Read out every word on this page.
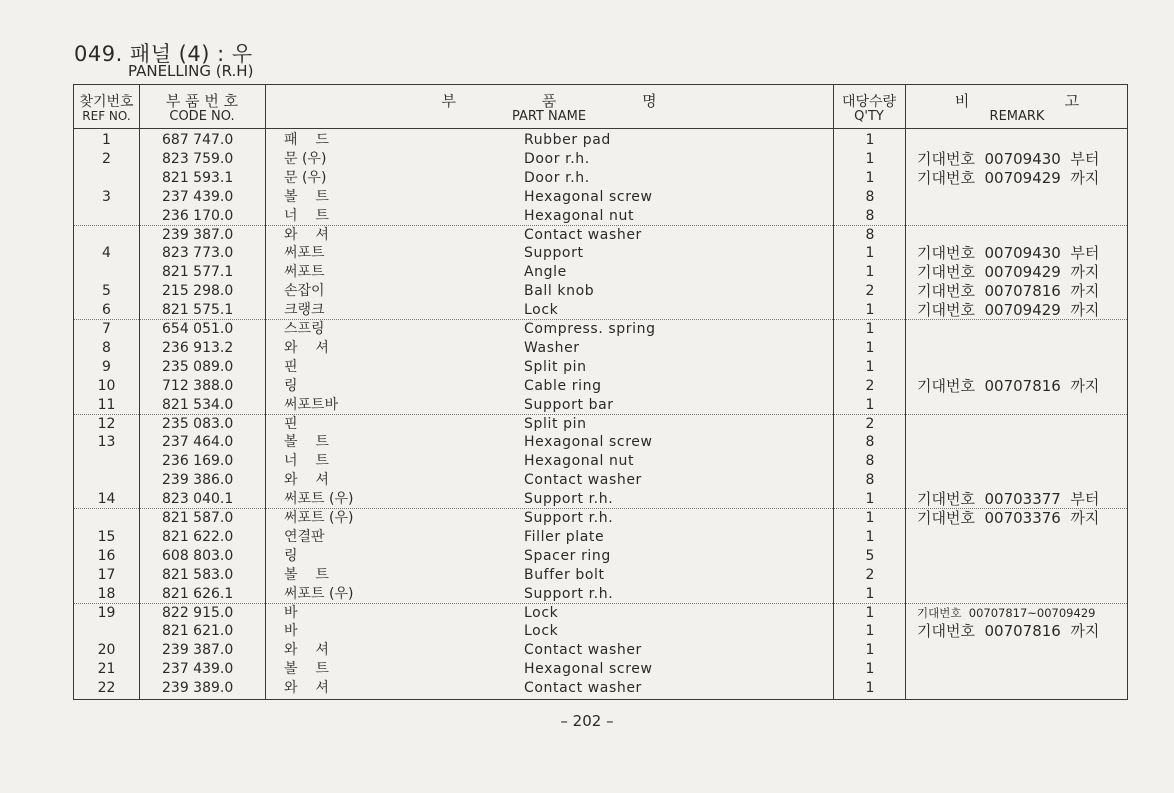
049. 패널 (4) : 우
PANELLING (R.H)
찾기번호
REF NO.
부 품 번 호
CODE NO.
부                  품                  명
PART NAME
대당수량
Q'TY
비                    고
REMARK
1	687 747.0	패    드	Rubber pad	1
2	823 759.0	문 (우)	Door r.h.	1	기대번호  00709430  부터
821 593.1	문 (우)	Door r.h.	1	기대번호  00709429  까지
3	237 439.0	볼    트	Hexagonal screw	8
236 170.0	너    트	Hexagonal nut	8
239 387.0	와    셔	Contact washer	8
4	823 773.0	써포트	Support	1	기대번호  00709430  부터
821 577.1	써포트	Angle	1	기대번호  00709429  까지
5	215 298.0	손잡이	Ball knob	2	기대번호  00707816  까지
6	821 575.1	크랭크	Lock	1	기대번호  00709429  까지
7	654 051.0	스프링	Compress. spring	1
8	236 913.2	와    셔	Washer	1
9	235 089.0	핀	Split pin	1
10	712 388.0	링	Cable ring	2	기대번호  00707816  까지
11	821 534.0	써포트바	Support bar	1
12	235 083.0	핀	Split pin	2
13	237 464.0	볼    트	Hexagonal screw	8
236 169.0	너    트	Hexagonal nut	8
239 386.0	와    셔	Contact washer	8
14	823 040.1	써포트 (우)	Support r.h.	1	기대번호  00703377  부터
821 587.0	써포트 (우)	Support r.h.	1	기대번호  00703376  까지
15	821 622.0	연결판	Filler plate	1
16	608 803.0	링	Spacer ring	5
17	821 583.0	볼    트	Buffer bolt	2
18	821 626.1	써포트 (우)	Support r.h.	1
19	822 915.0	바	Lock	1	기대번호  00707817~00709429
821 621.0	바	Lock	1	기대번호  00707816  까지
20	239 387.0	와    셔	Contact washer	1
21	237 439.0	볼    트	Hexagonal screw	1
22	239 389.0	와    셔	Contact washer	1
– 202 –
